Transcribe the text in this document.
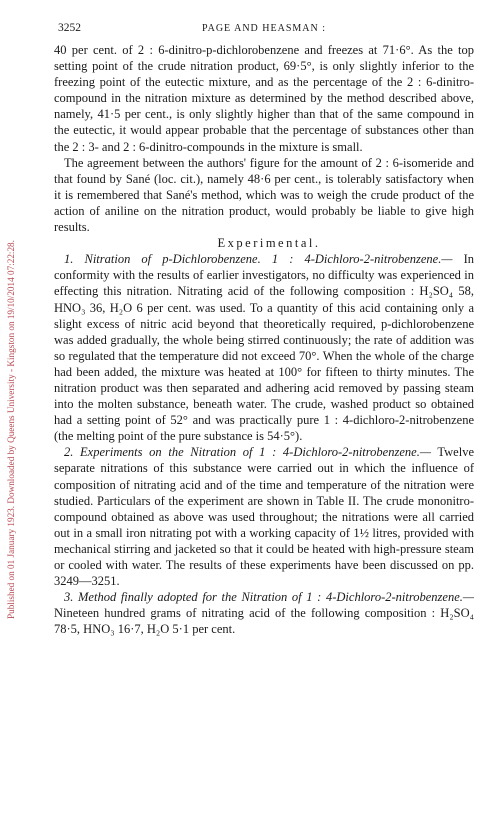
Published on 01 January 1923. Downloaded by Queens University - Kingston on 19/10/2014 07:22:28.
3252	PAGE AND HEASMAN :

40 per cent. of 2 : 6-dinitro-p-dichlorobenzene and freezes at 71·6°. As the top setting point of the crude nitration product, 69·5°, is only slightly inferior to the freezing point of the eutectic mixture, and as the percentage of the 2 : 6-dinitro-compound in the nitration mixture as determined by the method described above, namely, 41·5 per cent., is only slightly higher than that of the same compound in the eutectic, it would appear probable that the percentage of substances other than the 2 : 3- and 2 : 6-dinitro-compounds in the mixture is small.

The agreement between the authors' figure for the amount of 2 : 6-isomeride and that found by Sané (loc. cit.), namely 48·6 per cent., is tolerably satisfactory when it is remembered that Sané's method, which was to weigh the crude product of the action of aniline on the nitration product, would probably be liable to give high results.

Experimental.

1. Nitration of p-Dichlorobenzene. 1 : 4-Dichloro-2-nitrobenzene.— In conformity with the results of earlier investigators, no difficulty was experienced in effecting this nitration. Nitrating acid of the following composition : H₂SO₄ 58, HNO₃ 36, H₂O 6 per cent. was used. To a quantity of this acid containing only a slight excess of nitric acid beyond that theoretically required, p-dichlorobenzene was added gradually, the whole being stirred continuously; the rate of addition was so regulated that the temperature did not exceed 70°. When the whole of the charge had been added, the mixture was heated at 100° for fifteen to thirty minutes. The nitration product was then separated and adhering acid removed by passing steam into the molten substance, beneath water. The crude, washed product so obtained had a setting point of 52° and was practically pure 1 : 4-dichloro-2-nitrobenzene (the melting point of the pure substance is 54·5°).

2. Experiments on the Nitration of 1 : 4-Dichloro-2-nitrobenzene.— Twelve separate nitrations of this substance were carried out in which the influence of composition of nitrating acid and of the time and temperature of the nitration were studied. Particulars of the experiment are shown in Table II. The crude mononitro-compound obtained as above was used throughout; the nitrations were all carried out in a small iron nitrating pot with a working capacity of 1½ litres, provided with mechanical stirring and jacketed so that it could be heated with high-pressure steam or cooled with water. The results of these experiments have been discussed on pp. 3249—3251.

3. Method finally adopted for the Nitration of 1 : 4-Dichloro-2-nitrobenzene.—Nineteen hundred grams of nitrating acid of the following composition : H₂SO₄ 78·5, HNO₃ 16·7, H₂O 5·1 per cent.
